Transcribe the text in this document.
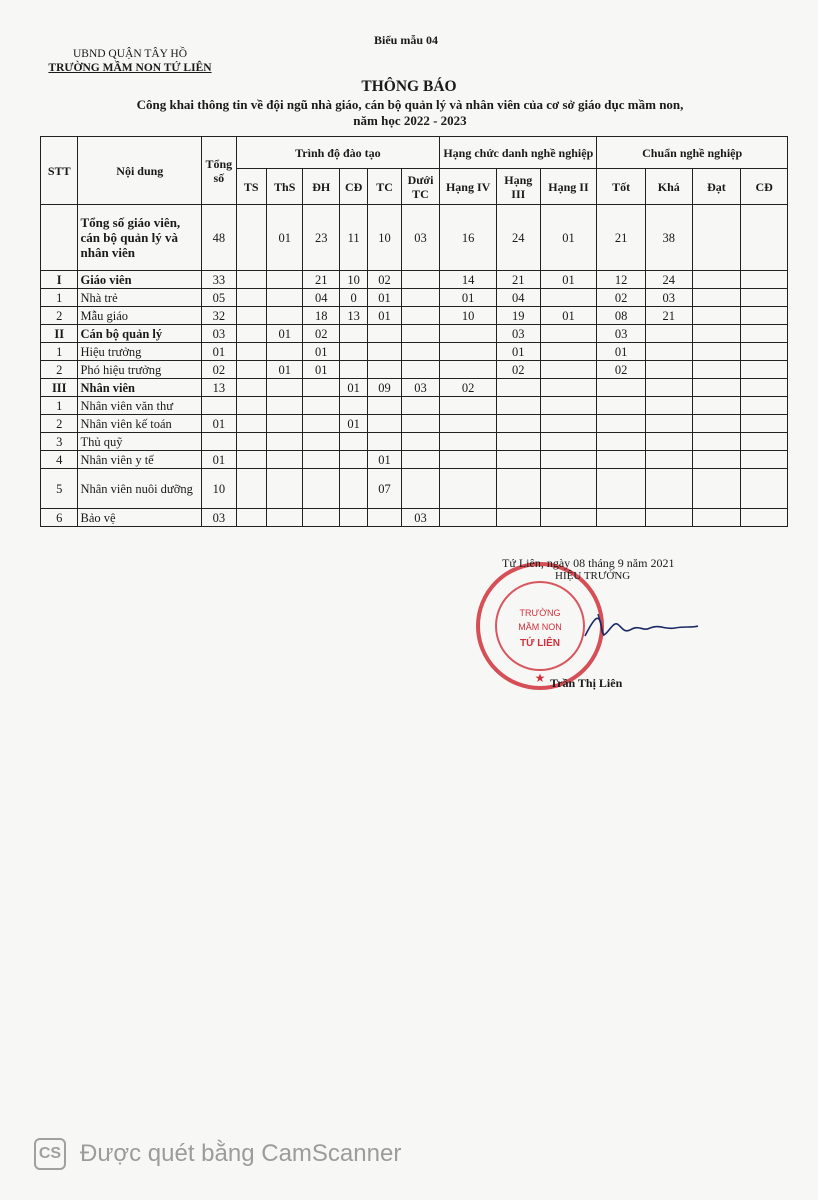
Biểu mẫu 04
UBND QUẬN TÂY HỒ
TRƯỜNG MẦM NON TỨ LIÊN
THÔNG BÁO
Công khai thông tin về đội ngũ nhà giáo, cán bộ quản lý và nhân viên của cơ sở giáo dục mầm non,
năm học 2022 - 2023
STT	Nội dung	Tổng số	Trình độ đào tạo						Hạng chức danh nghề nghiệp			Chuẩn nghề nghiệp			
			TS	ThS	ĐH	CĐ	TC	Dưới TC	Hạng IV	Hạng III	Hạng II	Tốt	Khá	Đạt	CĐ
	Tổng số giáo viên, cán bộ quản lý và nhân viên	48		01	23	11	10	03	16	24	01	21	38		
I	Giáo viên	33			21	10	02		14	21	01	12	24		
1	Nhà trẻ	05			04	0	01		01	04		02	03		
2	Mẫu giáo	32			18	13	01		10	19	01	08	21		
II	Cán bộ quản lý	03		01	02					03		03			
1	Hiệu trưởng	01			01					01		01			
2	Phó hiệu trưởng	02		01	01					02		02			
III	Nhân viên	13				01	09	03	02						
1	Nhân viên văn thư														
2	Nhân viên kế toán	01				01									
3	Thủ quỹ														
4	Nhân viên y tế	01					01								
5	Nhân viên nuôi dưỡng	10					07								
6	Bảo vệ	03						03							
TRƯỜNG
MẦM NON
TỨ LIÊN
★
Tứ Liên, ngày 08 tháng 9 năm 2021
HIỆU TRƯỞNG
Trần Thị Liên
CS Được quét bằng CamScanner
